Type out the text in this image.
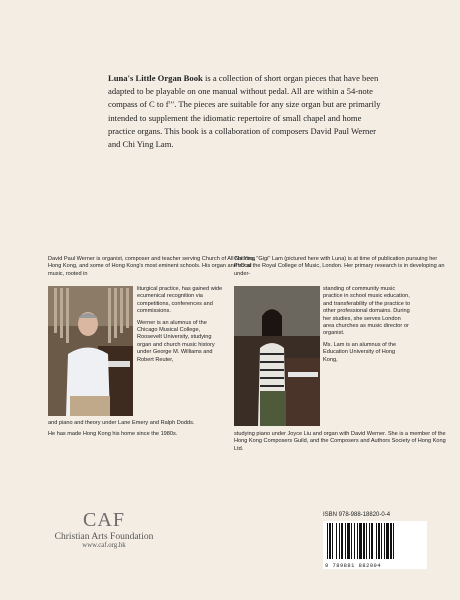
Luna's Little Organ Book is a collection of short organ pieces that have been adapted to be playable on one manual without pedal. All are within a 54-note compass of C to f′′′. The pieces are suitable for any size organ but are primarily intended to supplement the idiomatic repertoire of small chapel and home practice organs. This book is a collaboration of composers David Paul Werner and Chi Ying Lam.

David Paul Werner is organist, composer and teacher serving Church of All Nations, Hong Kong, and some of Hong Kong's most eminent schools. His organ and vocal music, rooted in

liturgical practice, has gained wide ecumenical recognition via competitions, conferences and commissions.

Werner is an alumnus of the Chicago Musical College, Roosevelt University, studying organ and church music history under George M. Williams and Robert Reuter,

and piano and theory under Lane Emery and Ralph Dodds.

He has made Hong Kong his home since the 1980s.

Chi Ying "Gigi" Lam (pictured here with Luna) is at time of publication pursuing her PhD at the Royal College of Music, London. Her primary research is in developing an under-

standing of community music practice in school music education, and transferability of the practice to other professional domains. During her studies, she serves London area churches as music director or organist.

Ms. Lam is an alumnus of the Education University of Hong Kong,

studying piano under Joyce Liu and organ with David Werner. She is a member of the Hong Kong Composers Guild, and the Composers and Authors Society of Hong Kong Ltd.

CAF
Christian Arts Foundation
www.caf.org.hk
ISBN 978-988-18820-0-4
9 789881 882004
